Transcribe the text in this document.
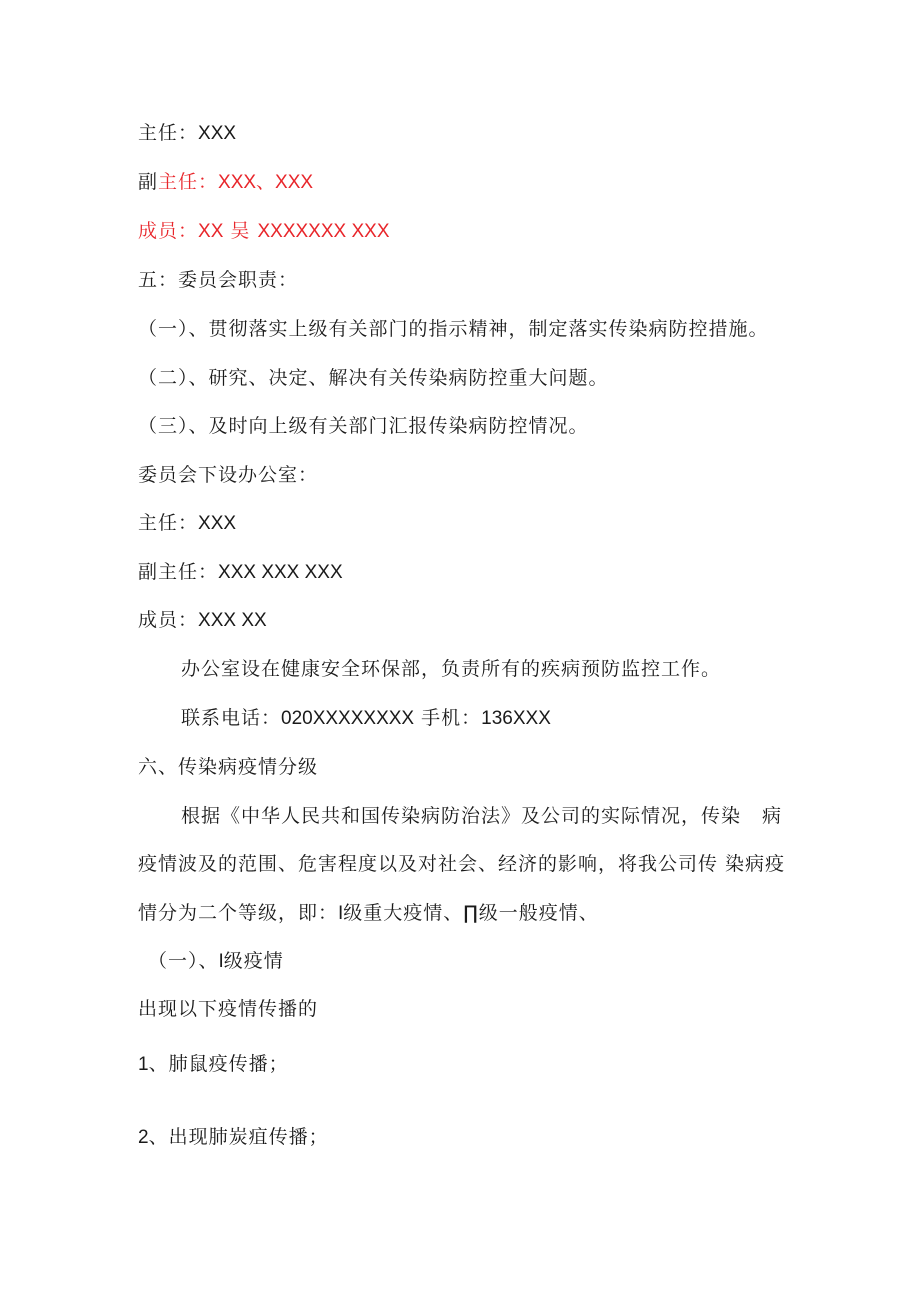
主任：XXX
副主任：XXX、XXX
成员：XX 吴 XXXXXXX XXX
五：委员会职责：
（一）、贯彻落实上级有关部门的指示精神，制定落实传染病防控措施。
（二）、研究、决定、解决有关传染病防控重大问题。
（三）、及时向上级有关部门汇报传染病防控情况。
委员会下设办公室：
主任：XXX
副主任：XXX XXX XXX
成员：XXX XX
办公室设在健康安全环保部，负责所有的疾病预防监控工作。
联系电话：020XXXXXXXX 手机：136XXX
六、传染病疫情分级
根据《中华人民共和国传染病防治法》及公司的实际情况，传染 病
疫情波及的范围、危害程度以及对社会、经济的影响，将我公司传 染病疫
情分为二个等级，即：I级重大疫情、∏级一般疫情、
（一）、I级疫情
出现以下疫情传播的
1、肺鼠疫传播；
2、出现肺炭疽传播；
